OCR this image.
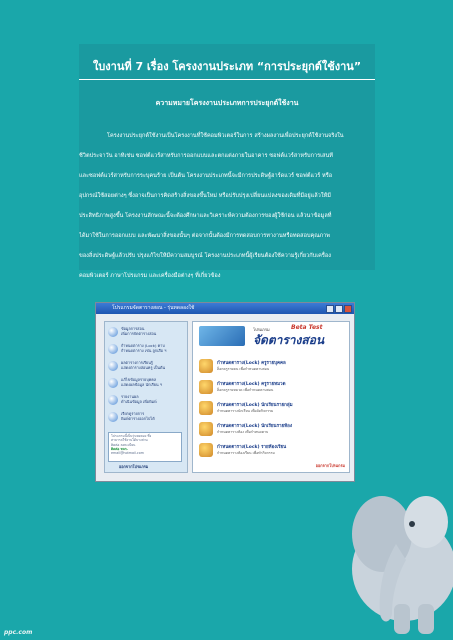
ใบงานที่ 7 เรื่อง โครงงานประเภท “การประยุกต์ใช้งาน”
ความหมายโครงงานประเภทการประยุกต์ใช้งาน
โครงงานประยุกต์ใช้งานเป็นโครงงานที่ใช้คอมพิวเตอร์ในการ สร้างผลงานเพื่อประยุกต์ใช้งานจริงใน
ชีวิตประจาวัน อาทิเช่น ซอฟต์แวร์สาหรับการออกแบบและตกแต่งภายในอาคาร ซอฟต์แวร์สาหรับการเสนที
และซอฟต์แวร์สาหรับการระบุคนร้าย เป็นต้น โครงงานประเภทนี้จะมีการประดิษฐ์ฮาร์ดแวร์ ซอฟต์แวร์ หรือ
อุปกรณ์ใช้สอยต่างๆ ซึ่งอาจเป็นการคิดสร้างสิ่งของขึ้นใหม่ หรือปรับปรุงเปลี่ยนแปลงของเดิมที่มีอยู่แล้วให้มี
ประสิทธิภาพสูงขึ้น โครงงานลักษณะนี้จะต้องศึกษาและวิเคราะห์ความต้องการของผู้ใช้ก่อน แล้วนาข้อมูลที่
ได้มาใช้ในการออกแบบ และพัฒนาสิ่งของนั้นๆ ต่อจากนั้นต้องมีการทดสอบการทางานหรือทดสอบคุณภาพ
ของสิ่งประดิษฐ์แล้วปรับ ปรุงแก้ไขให้มีความสมบูรณ์ โครงงานประเภทนี้ผู้เรียนต้องใช้ความรู้เกี่ยวกับเครื่อง
คอมพิวเตอร์ ภาษาโปรแกรม และเครื่องมือต่างๆ ที่เกี่ยวข้อง
โปรแกรมจัดตารางสอน - รุ่นทดลองใช้
ข้อมูลการสอน
เพิ่มการจัดตารางสอน
กำหนดตาราง (Lock) คาบ
กำหนดตาราง เช่น ลูกเสือ ฯ
ผลตารางการเรียนรู้
แสดงตารางสอนครู เป็นต้น
แก้ไขข้อมูลรายบุคคล
แสดงผลข้อมูล นักเรียน ฯ
รายงานผล
ดำเนินข้อมูล เพื่อพิมพ์
เรียกดูรายการ
พิมพ์ตารางออกไปได้
โปรแกรมนี้เป็นรุ่นทดลอง ซึ่ง
สามารถใช้งานได้บางส่วน
ติดต่อ ลงทะเบียน
ติดต่อ หจก.
email@hotmail.com
ออกจากโปรแกรม
โปรแกรม	Beta Test
จัดตารางสอน
กำหนดตาราง(Lock) ครูรายบุคคล
ล็อกครูรายคน เพื่อกำหนดคาบสอน
กำหนดตาราง(Lock) ครูรายหมวด
ล็อกครูรายหมวด เพื่อกำหนดคาบสอน
กำหนดตาราง(Lock) นักเรียนรายกลุ่ม
กำหนดตารางนักเรียน เพื่อจัดกิจกรรม
กำหนดตาราง(Lock) นักเรียนรายห้อง
กำหนดตารางห้อง เพื่อกำหนดคาบ
กำหนดตาราง(Lock) รายห้องเรียน
กำหนดตารางห้องเรียน เพื่อทำกิจกรรม
ออกจากโปรแกรม
ppc.com
